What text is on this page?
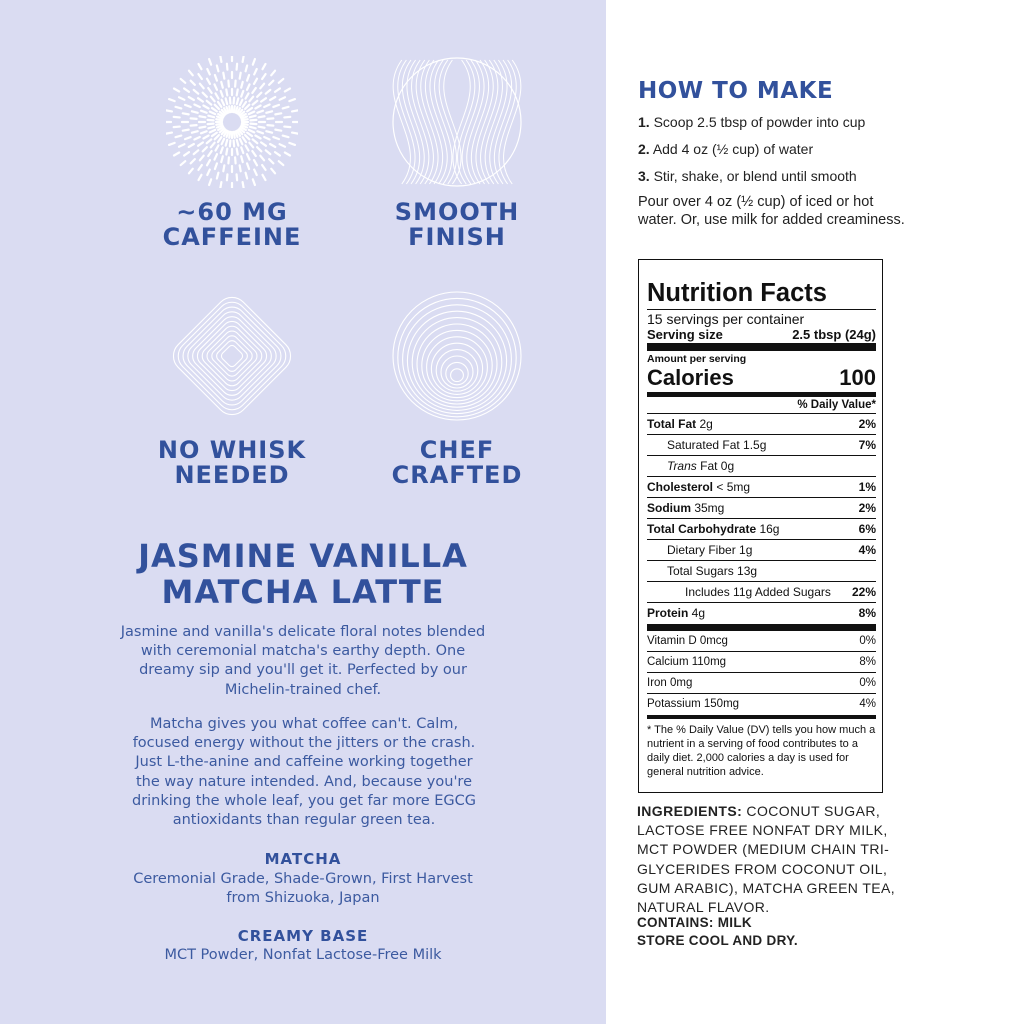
~60 MG
CAFFEINE
SMOOTH
FINISH
NO WHISK
NEEDED
CHEF
CRAFTED
JASMINE VANILLA
MATCHA LATTE
Jasmine and vanilla's delicate floral notes blended with ceremonial matcha's earthy depth. One dreamy sip and you'll get it. Perfected by our Michelin-trained chef.
Matcha gives you what coffee can't. Calm, focused energy without the jitters or the crash. Just L-the-anine and caffeine working together the way nature intended. And, because you're drinking the whole leaf, you get far more EGCG antioxidants than regular green tea.
MATCHA
Ceremonial Grade, Shade-Grown, First Harvest
from Shizuoka, Japan
CREAMY BASE
MCT Powder, Nonfat Lactose-Free Milk
HOW TO MAKE
1. Scoop 2.5 tbsp of powder into cup
2. Add 4 oz (½ cup) of water
3. Stir, shake, or blend until smooth
Pour over 4 oz (½ cup) of iced or hot water. Or, use milk for added creaminess.
Nutrition Facts
15 servings per container
Serving size	2.5 tbsp (24g)
Amount per serving
Calories	100
% Daily Value*
Total Fat 2g	2%
Saturated Fat 1.5g	7%
Trans Fat 0g
Cholesterol < 5mg	1%
Sodium 35mg	2%
Total Carbohydrate 16g	6%
Dietary Fiber 1g	4%
Total Sugars 13g
Includes 11g Added Sugars 22%
Protein 4g	8%
Vitamin D 0mcg	0%
Calcium 110mg	8%
Iron 0mg	0%
Potassium 150mg	4%
* The % Daily Value (DV) tells you how much a nutrient in a serving of food contributes to a daily diet. 2,000 calories a day is used for general nutrition advice.
INGREDIENTS: COCONUT SUGAR, LACTOSE FREE NONFAT DRY MILK, MCT POWDER (MEDIUM CHAIN TRI-GLYCERIDES FROM COCONUT OIL, GUM ARABIC), MATCHA GREEN TEA, NATURAL FLAVOR.
CONTAINS: MILK
STORE COOL AND DRY.
